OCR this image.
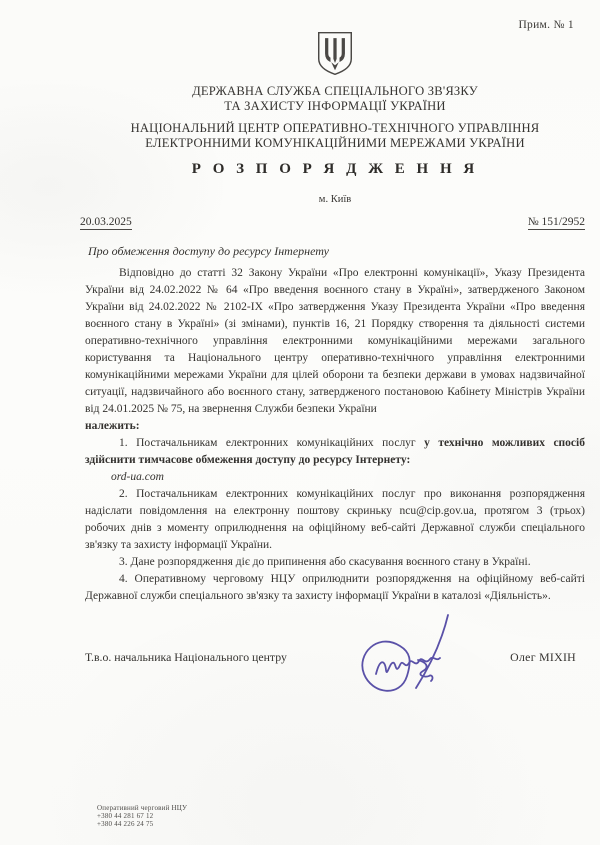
Прим. № 1
ДЕРЖАВНА СЛУЖБА СПЕЦІАЛЬНОГО ЗВ'ЯЗКУ
ТА ЗАХИСТУ ІНФОРМАЦІЇ УКРАЇНИ
НАЦІОНАЛЬНИЙ ЦЕНТР ОПЕРАТИВНО-ТЕХНІЧНОГО УПРАВЛІННЯ
ЕЛЕКТРОННИМИ КОМУНІКАЦІЙНИМИ МЕРЕЖАМИ УКРАЇНИ
Р О З П О Р Я Д Ж Е Н Н Я
м. Київ
20.03.2025	№ 151/2952
Про обмеження доступу до ресурсу Інтернету

Відповідно до статті 32 Закону України «Про електронні комунікації», Указу Президента України від 24.02.2022 № 64 «Про введення воєнного стану в Україні», затвердженого Законом України від 24.02.2022 № 2102-IX «Про затвердження Указу Президента України «Про введення воєнного стану в Україні» (зі змінами), пунктів 16, 21 Порядку створення та діяльності системи оперативно-технічного управління електронними комунікаційними мережами загального користування та Національного центру оперативно-технічного управління електронними комунікаційними мережами України для цілей оборони та безпеки держави в умовах надзвичайної ситуації, надзвичайного або воєнного стану, затвердженого постановою Кабінету Міністрів України від 24.01.2025 № 75, на звернення Служби безпеки України

належить:

1. Постачальникам електронних комунікаційних послуг у технічно можливих спосіб здійснити тимчасове обмеження доступу до ресурсу Інтернету:

ord-ua.com

2. Постачальникам електронних комунікаційних послуг про виконання розпорядження надіслати повідомлення на електронну поштову скриньку ncu@cip.gov.ua, протягом 3 (трьох) робочих днів з моменту оприлюднення на офіційному веб-сайті Державної служби спеціального зв'язку та захисту інформації України.

3. Дане розпорядження діє до припинення або скасування воєнного стану в Україні.

4. Оперативному черговому НЦУ оприлюднити розпорядження на офіційному веб-сайті Державної служби спеціального зв'язку та захисту інформації України в каталозі «Діяльність».

Т.в.о. начальника Національного центру	Олег МІХІН
Оперативний черговий НЦУ
+380 44 281 67 12
+380 44 226 24 75
